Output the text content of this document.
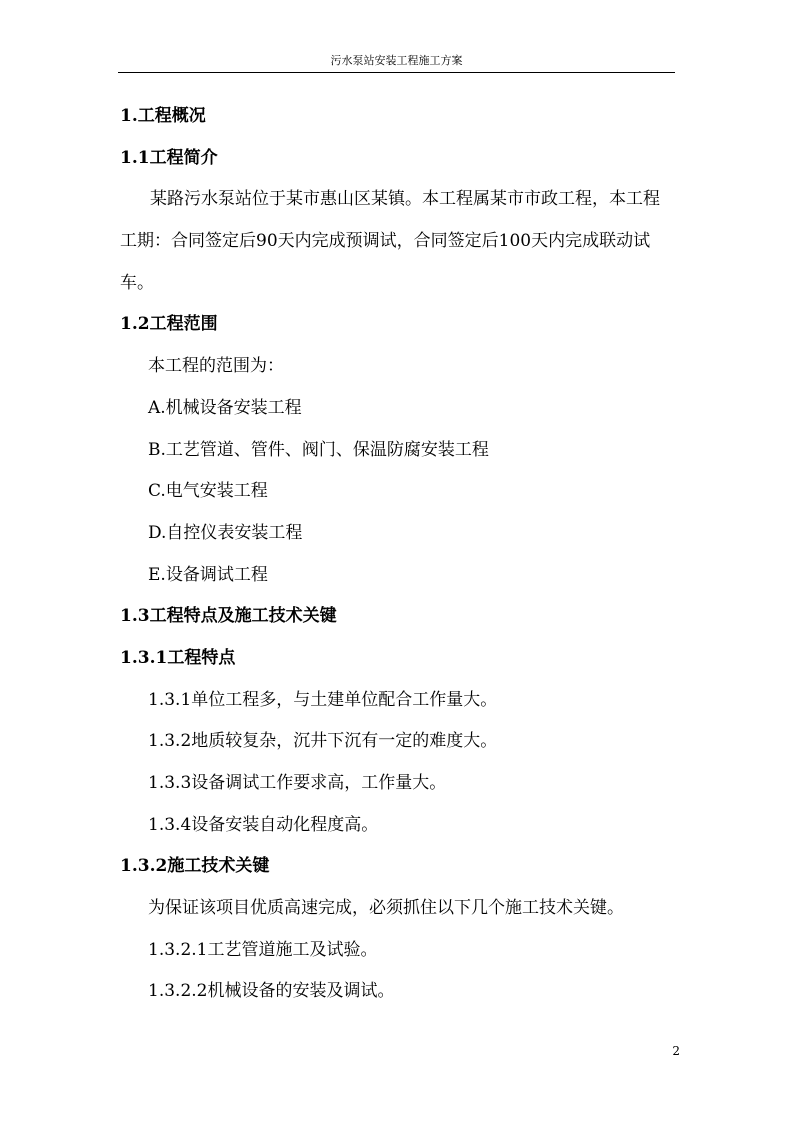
污水泵站安装工程施工方案

1.工程概况

1.1工程简介

某路污水泵站位于某市惠山区某镇。本工程属某市市政工程，本工程工期：合同签定后90天内完成预调试，合同签定后100天内完成联动试车。

1.2工程范围

本工程的范围为：

A.机械设备安装工程

B.工艺管道、管件、阀门、保温防腐安装工程

C.电气安装工程

D.自控仪表安装工程

E.设备调试工程

1.3工程特点及施工技术关键

1.3.1工程特点

1.3.1单位工程多，与土建单位配合工作量大。

1.3.2地质较复杂，沉井下沉有一定的难度大。

1.3.3设备调试工作要求高，工作量大。

1.3.4设备安装自动化程度高。

1.3.2施工技术关键

为保证该项目优质高速完成，必须抓住以下几个施工技术关键。

1.3.2.1工艺管道施工及试验。

1.3.2.2机械设备的安装及调试。

2
